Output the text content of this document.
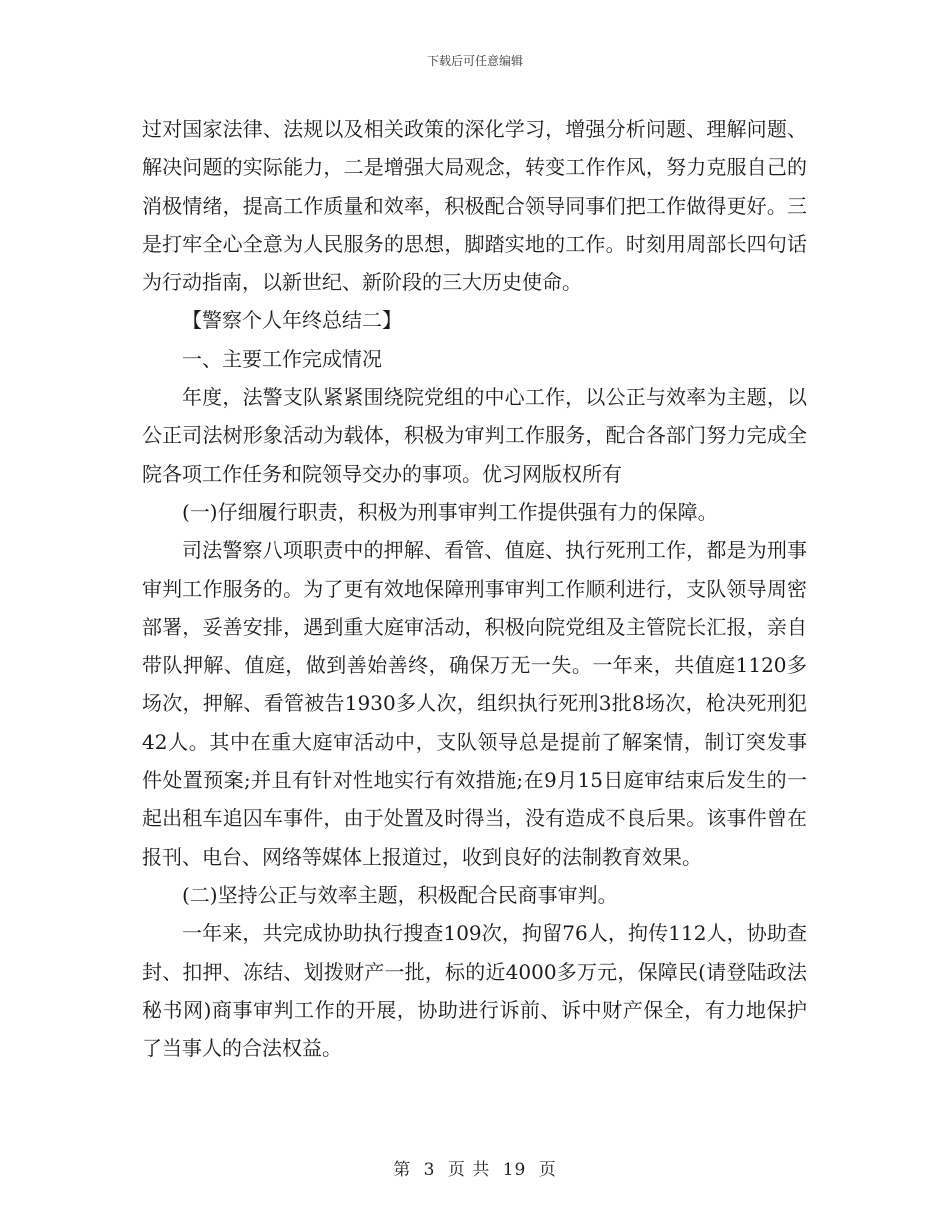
下载后可任意编辑

过对国家法律、法规以及相关政策的深化学习，增强分析问题、理解问题、解决问题的实际能力，二是增强大局观念，转变工作作风，努力克服自己的消极情绪，提高工作质量和效率，积极配合领导同事们把工作做得更好。三是打牢全心全意为人民服务的思想，脚踏实地的工作。时刻用周部长四句话为行动指南，以新世纪、新阶段的三大历史使命。

【警察个人年终总结二】

一、主要工作完成情况

年度，法警支队紧紧围绕院党组的中心工作，以公正与效率为主题，以公正司法树形象活动为载体，积极为审判工作服务，配合各部门努力完成全院各项工作任务和院领导交办的事项。优习网版权所有

(一)仔细履行职责，积极为刑事审判工作提供强有力的保障。

司法警察八项职责中的押解、看管、值庭、执行死刑工作，都是为刑事审判工作服务的。为了更有效地保障刑事审判工作顺利进行，支队领导周密部署，妥善安排，遇到重大庭审活动，积极向院党组及主管院长汇报，亲自带队押解、值庭，做到善始善终，确保万无一失。一年来，共值庭1120多场次，押解、看管被告1930多人次，组织执行死刑3批8场次，枪决死刑犯42人。其中在重大庭审活动中，支队领导总是提前了解案情，制订突发事件处置预案;并且有针对性地实行有效措施;在9月15日庭审结束后发生的一起出租车追囚车事件，由于处置及时得当，没有造成不良后果。该事件曾在报刊、电台、网络等媒体上报道过，收到良好的法制教育效果。

(二)坚持公正与效率主题，积极配合民商事审判。

一年来，共完成协助执行搜查109次，拘留76人，拘传112人，协助查封、扣押、冻结、划拨财产一批，标的近4000多万元，保障民(请登陆政法秘书网)商事审判工作的开展，协助进行诉前、诉中财产保全，有力地保护了当事人的合法权益。

第 3 页 共 19 页
